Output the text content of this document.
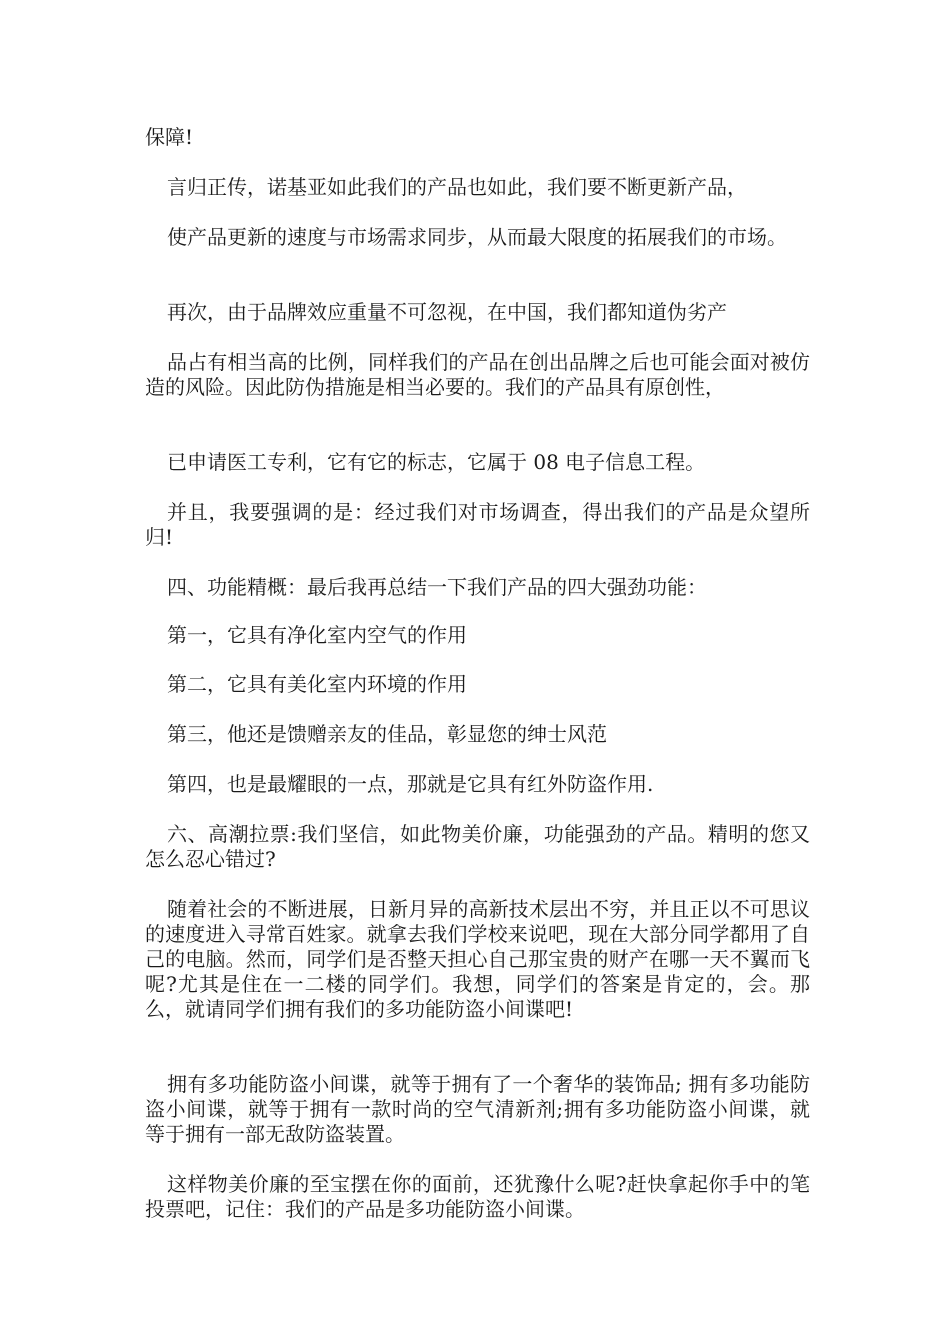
保障!

言归正传，诺基亚如此我们的产品也如此，我们要不断更新产品，

使产品更新的速度与市场需求同步，从而最大限度的拓展我们的市场。

再次，由于品牌效应重量不可忽视，在中国，我们都知道伪劣产

品占有相当高的比例，同样我们的产品在创出品牌之后也可能会面对被仿造的风险。因此防伪措施是相当必要的。我们的产品具有原创性，

已申请医工专利，它有它的标志，它属于 08 电子信息工程。

并且，我要强调的是：经过我们对市场调查，得出我们的产品是众望所归!

四、功能精概：最后我再总结一下我们产品的四大强劲功能：

第一，它具有净化室内空气的作用

第二，它具有美化室内环境的作用

第三，他还是馈赠亲友的佳品，彰显您的绅士风范

第四，也是最耀眼的一点，那就是它具有红外防盗作用.

六、高潮拉票:我们坚信，如此物美价廉，功能强劲的产品。精明的您又怎么忍心错过?

随着社会的不断进展，日新月异的高新技术层出不穷，并且正以不可思议的速度进入寻常百姓家。就拿去我们学校来说吧，现在大部分同学都用了自己的电脑。然而，同学们是否整天担心自己那宝贵的财产在哪一天不翼而飞呢?尤其是住在一二楼的同学们。我想，同学们的答案是肯定的，会。那么，就请同学们拥有我们的多功能防盗小间谍吧!

拥有多功能防盗小间谍，就等于拥有了一个奢华的装饰品; 拥有多功能防盗小间谍，就等于拥有一款时尚的空气清新剂;拥有多功能防盗小间谍，就等于拥有一部无敌防盗装置。

这样物美价廉的至宝摆在你的面前，还犹豫什么呢?赶快拿起你手中的笔投票吧，记住：我们的产品是多功能防盗小间谍。
